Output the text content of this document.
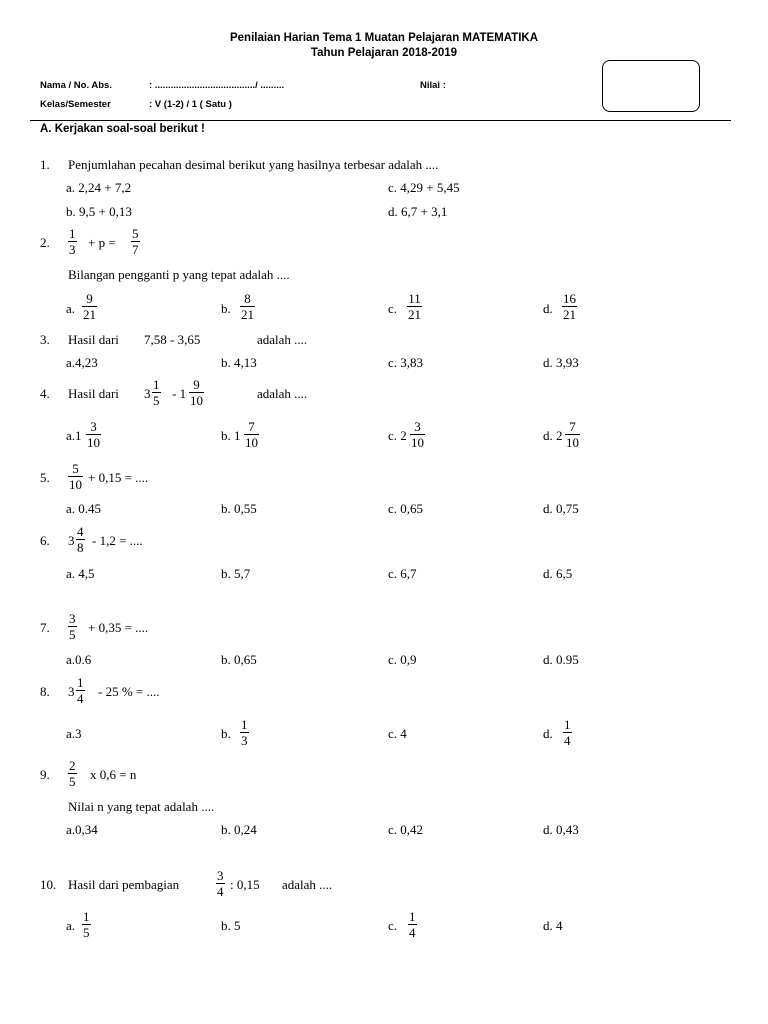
Penilaian Harian Tema 1 Muatan Pelajaran MATEMATIKA
Tahun Pelajaran 2018-2019
Nama / No. Abs.	: ....................................../ .........	Nilai :
Kelas/Semester	: V (1-2) / 1 ( Satu )
A. Kerjakan soal-soal berikut !
1. Penjumlahan pecahan desimal berikut yang hasilnya terbesar adalah ....
a. 2,24 + 7,2	c. 4,29 + 5,45
b. 9,5 + 0,13	d. 6,7 + 3,1
2. $\frac{1}{3} + p = \frac{5}{7}$
Bilangan pengganti p yang tepat adalah ....
a. $\frac{9}{21}$	b. $\frac{8}{21}$	c. $\frac{11}{21}$	d. $\frac{16}{21}$
3. Hasil dari 7,58 - 3,65	adalah ....
a.4,23	b. 4,13	c. 3,83	d. 3,93
4. Hasil dari $3 \frac{1}{5} - 1 \frac{9}{10}$	adalah ....
$a.1 \frac{3}{10}$	b. $1 \frac{7}{10}$	c. $2 \frac{3}{10}$	d. $2 \frac{7}{10}$
5. $\frac{5}{10} + 0,15$ = ....
a. 0.45	b. 0,55	c. 0,65	d. 0,75
6. $3 \frac{4}{8} - 1,2$ = ....
a. 4,5	b. 5,7	c. 6,7	d. 6,5
7. $\frac{3}{5} + 0,35$ = ....
a.0.6	b. 0,65	c. 0,9	d. 0.95
8. $3 \frac{1}{4} - 25$ % = ....
a.3	b. $\frac{1}{3}$	c. 4	d. $\frac{1}{4}$
9. $\frac{2}{5}$ x 0,6 = n
Nilai n yang tepat adalah ....
a.0,34	b. 0,24	c. 0,42	d. 0,43
10. Hasil dari pembagian	$\frac{3}{4}$ : 0,15 adalah ....
a. $\frac{1}{5}$	b. 5	c. $\frac{1}{4}$	d. 4
